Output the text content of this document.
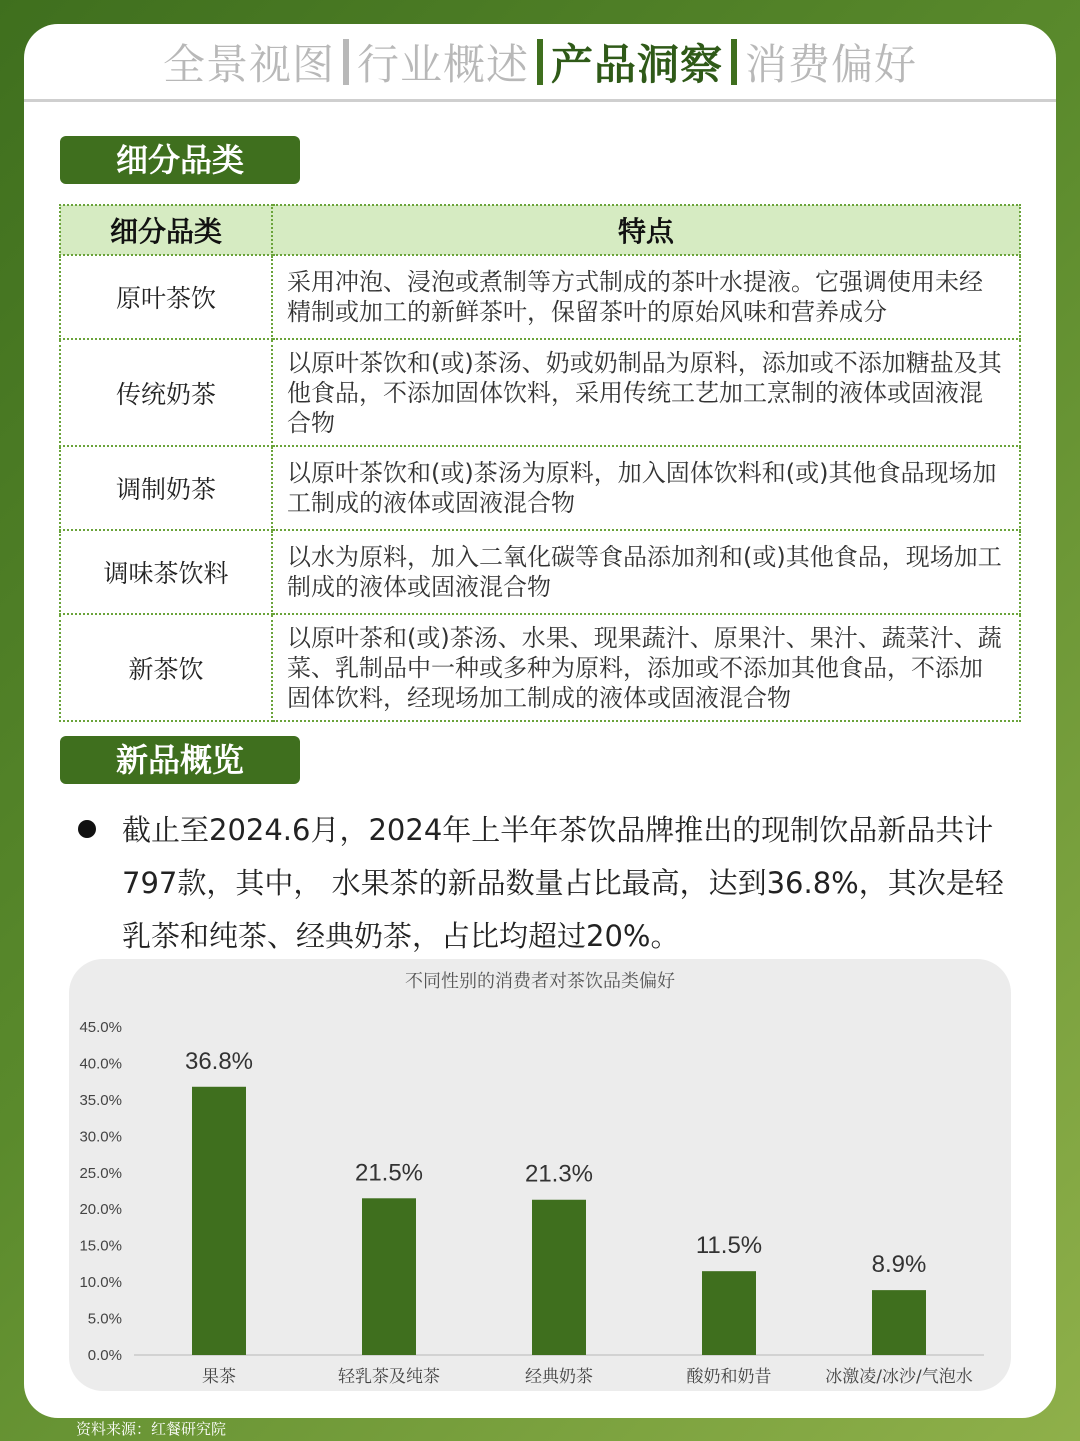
全景视图 行业概述 产品洞察 消费偏好
细分品类
细分品类	特点
原叶茶饮	采用冲泡、浸泡或煮制等方式制成的茶叶水提液。它强调使用未经精制或加工的新鲜茶叶，保留茶叶的原始风味和营养成分
传统奶茶	以原叶茶饮和(或)茶汤、奶或奶制品为原料，添加或不添加糖盐及其他食品，不添加固体饮料，采用传统工艺加工烹制的液体或固液混合物
调制奶茶	以原叶茶饮和(或)茶汤为原料，加入固体饮料和(或)其他食品现场加工制成的液体或固液混合物
调味茶饮料	以水为原料，加入二氧化碳等食品添加剂和(或)其他食品，现场加工制成的液体或固液混合物
新茶饮	以原叶茶和(或)茶汤、水果、现果蔬汁、原果汁、果汁、蔬菜汁、蔬菜、乳制品中一种或多种为原料，添加或不添加其他食品，不添加固体饮料，经现场加工制成的液体或固液混合物
新品概览

截止至2024.6月，2024年上半年茶饮品牌推出的现制饮品新品共计797款，其中， 水果茶的新品数量占比最高，达到36.8%，其次是轻乳茶和纯茶、经典奶茶，占比均超过20%。

不同性别的消费者对茶饮品类偏好
0.0%
5.0%
10.0%
15.0%
20.0%
25.0%
30.0%
35.0%
40.0%
45.0%
36.8%
果茶
21.5%
轻乳茶及纯茶
21.3%
经典奶茶
11.5%
酸奶和奶昔
8.9%
冰激凌/冰沙/气泡水
资料来源：红餐研究院
